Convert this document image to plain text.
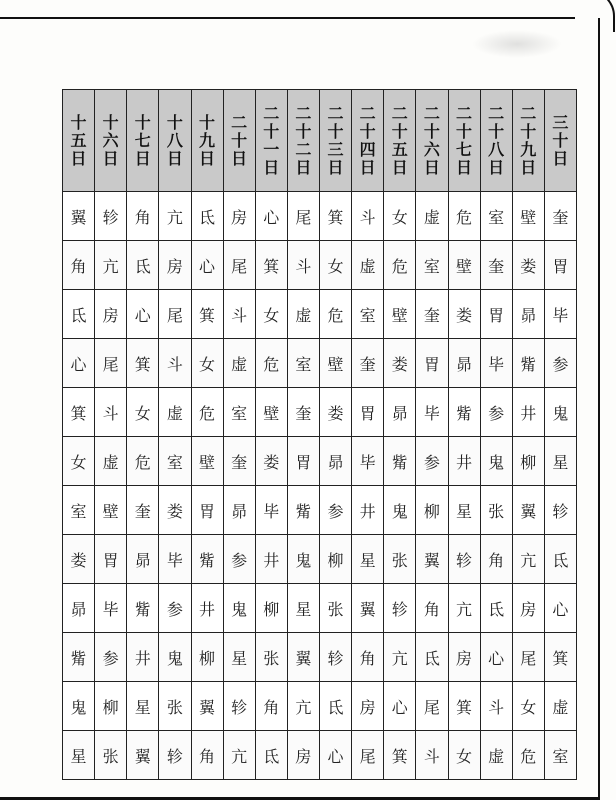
十五日	十六日	十七日	十八日	十九日	二十日	二十一日	二十二日	二十三日	二十四日	二十五日	二十六日	二十七日	二十八日	二十九日	三十日
翼	轸	角	亢	氐	房	心	尾	箕	斗	女	虚	危	室	壁	奎
角	亢	氐	房	心	尾	箕	斗	女	虚	危	室	壁	奎	娄	胃
氐	房	心	尾	箕	斗	女	虚	危	室	壁	奎	娄	胃	昴	毕
心	尾	箕	斗	女	虚	危	室	壁	奎	娄	胃	昴	毕	觜	参
箕	斗	女	虚	危	室	壁	奎	娄	胃	昴	毕	觜	参	井	鬼
女	虚	危	室	壁	奎	娄	胃	昴	毕	觜	参	井	鬼	柳	星
室	壁	奎	娄	胃	昴	毕	觜	参	井	鬼	柳	星	张	翼	轸
娄	胃	昴	毕	觜	参	井	鬼	柳	星	张	翼	轸	角	亢	氐
昴	毕	觜	参	井	鬼	柳	星	张	翼	轸	角	亢	氐	房	心
觜	参	井	鬼	柳	星	张	翼	轸	角	亢	氐	房	心	尾	箕
鬼	柳	星	张	翼	轸	角	亢	氐	房	心	尾	箕	斗	女	虚
星	张	翼	轸	角	亢	氐	房	心	尾	箕	斗	女	虚	危	室
